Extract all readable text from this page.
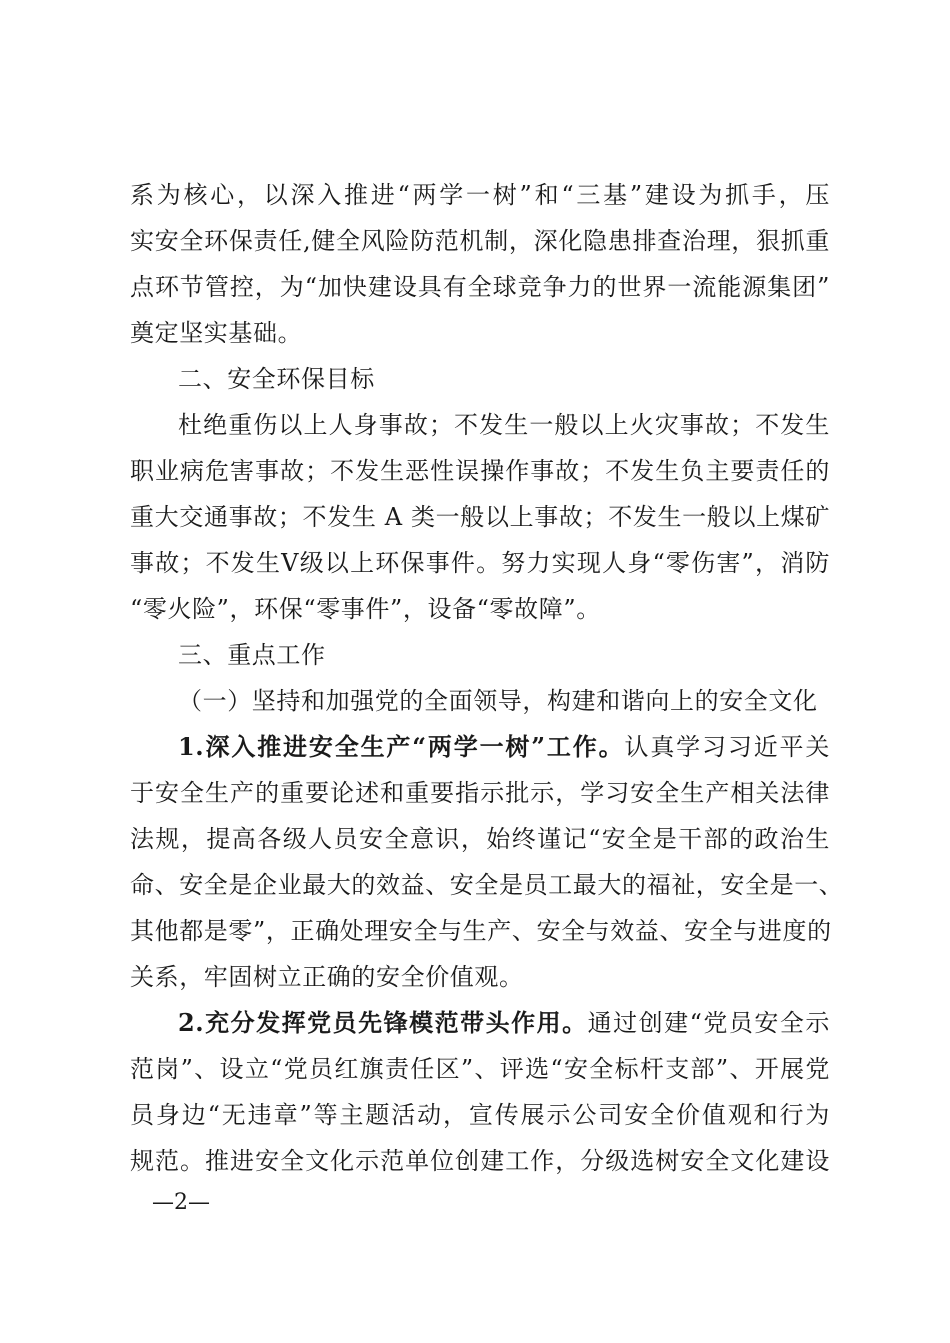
系为核心，以深入推进“两学一树”和“三基”建设为抓手，压
实安全环保责任,健全风险防范机制，深化隐患排查治理，狠抓重
点环节管控，为“加快建设具有全球竞争力的世界一流能源集团”
奠定坚实基础。
二、安全环保目标
杜绝重伤以上人身事故；不发生一般以上火灾事故；不发生
职业病危害事故；不发生恶性误操作事故；不发生负主要责任的
重大交通事故；不发生 A 类一般以上事故；不发生一般以上煤矿
事故；不发生Ⅴ级以上环保事件。努力实现人身“零伤害”，消防
“零火险”，环保“零事件”，设备“零故障”。
三、重点工作
（一）坚持和加强党的全面领导，构建和谐向上的安全文化
1.深入推进安全生产“两学一树”工作。认真学习习近平关
于安全生产的重要论述和重要指示批示，学习安全生产相关法律
法规，提高各级人员安全意识，始终谨记“安全是干部的政治生
命、安全是企业最大的效益、安全是员工最大的福祉，安全是一、
其他都是零”，正确处理安全与生产、安全与效益、安全与进度的
关系，牢固树立正确的安全价值观。
2.充分发挥党员先锋模范带头作用。通过创建“党员安全示
范岗”、设立“党员红旗责任区”、评选“安全标杆支部”、开展党
员身边“无违章”等主题活动，宣传展示公司安全价值观和行为
规范。推进安全文化示范单位创建工作，分级选树安全文化建设
—2—
